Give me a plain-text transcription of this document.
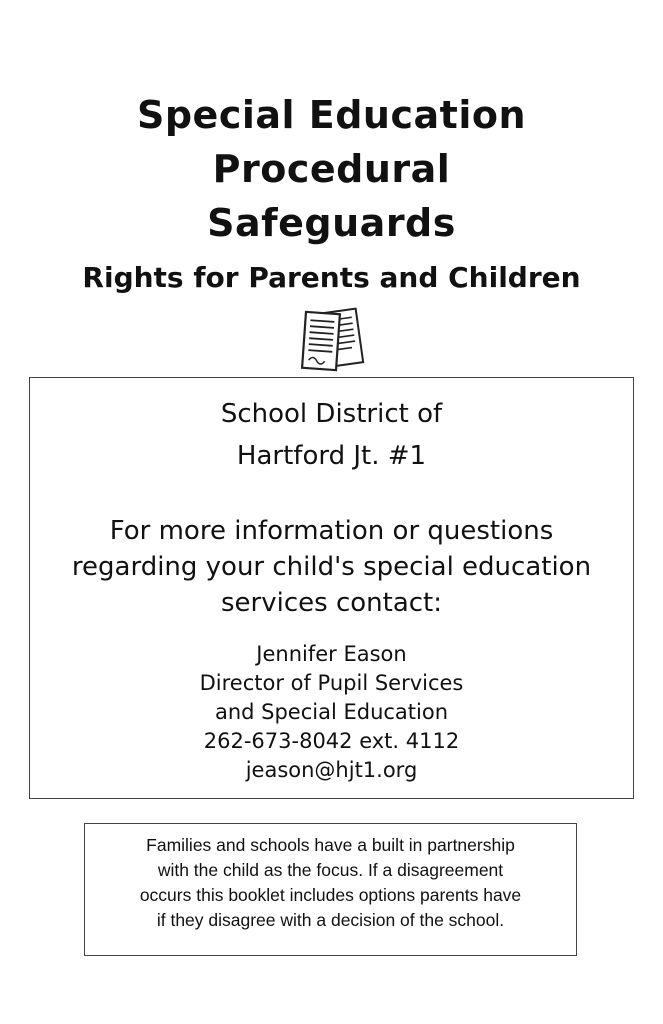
Special Education
Procedural
Safeguards
Rights for Parents and Children
School District of
Hartford Jt. #1
For more information or questions
regarding your child's special education
services contact:
Jennifer Eason
Director of Pupil Services
and Special Education
262-673-8042 ext. 4112
jeason@hjt1.org
Families and schools have a built in partnership
with the child as the focus. If a disagreement
occurs this booklet includes options parents have
if they disagree with a decision of the school.
